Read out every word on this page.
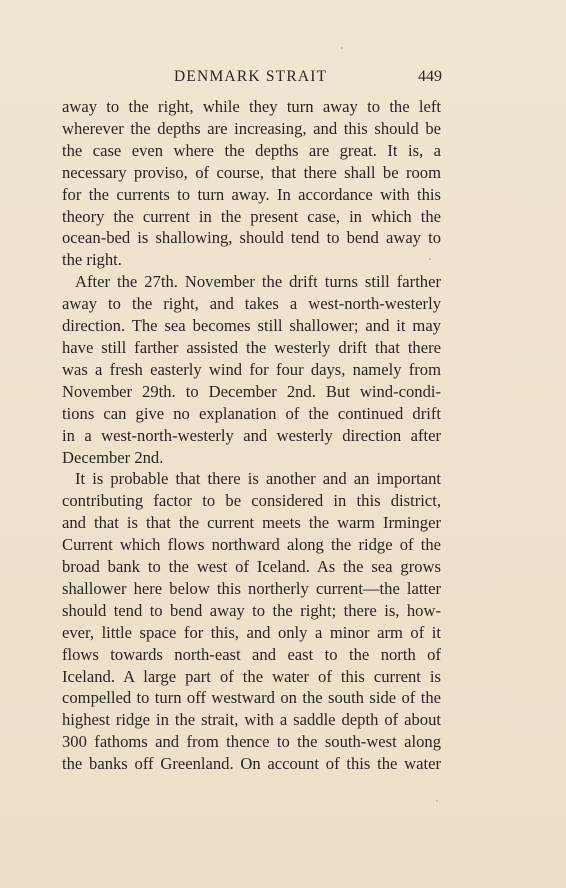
DENMARK STRAIT	449

away to the right, while they turn away to the left
wherever the depths are increasing, and this should be
the case even where the depths are great. It is, a
necessary proviso, of course, that there shall be room
for the currents to turn away. In accordance with this
theory the current in the present case, in which the
ocean-bed is shallowing, should tend to bend away to
the right.

After the 27th. November the drift turns still farther
away to the right, and takes a west-north-westerly
direction. The sea becomes still shallower; and it may
have still farther assisted the westerly drift that there
was a fresh easterly wind for four days, namely from
November 29th. to December 2nd. But wind-condi-
tions can give no explanation of the continued drift
in a west-north-westerly and westerly direction after
December 2nd.

It is probable that there is another and an important
contributing factor to be considered in this district,
and that is that the current meets the warm Irminger
Current which flows northward along the ridge of the
broad bank to the west of Iceland. As the sea grows
shallower here below this northerly current—the latter
should tend to bend away to the right; there is, how-
ever, little space for this, and only a minor arm of it
flows towards north-east and east to the north of
Iceland. A large part of the water of this current is
compelled to turn off westward on the south side of the
highest ridge in the strait, with a saddle depth of about
300 fathoms and from thence to the south-west along
the banks off Greenland. On account of this the water
